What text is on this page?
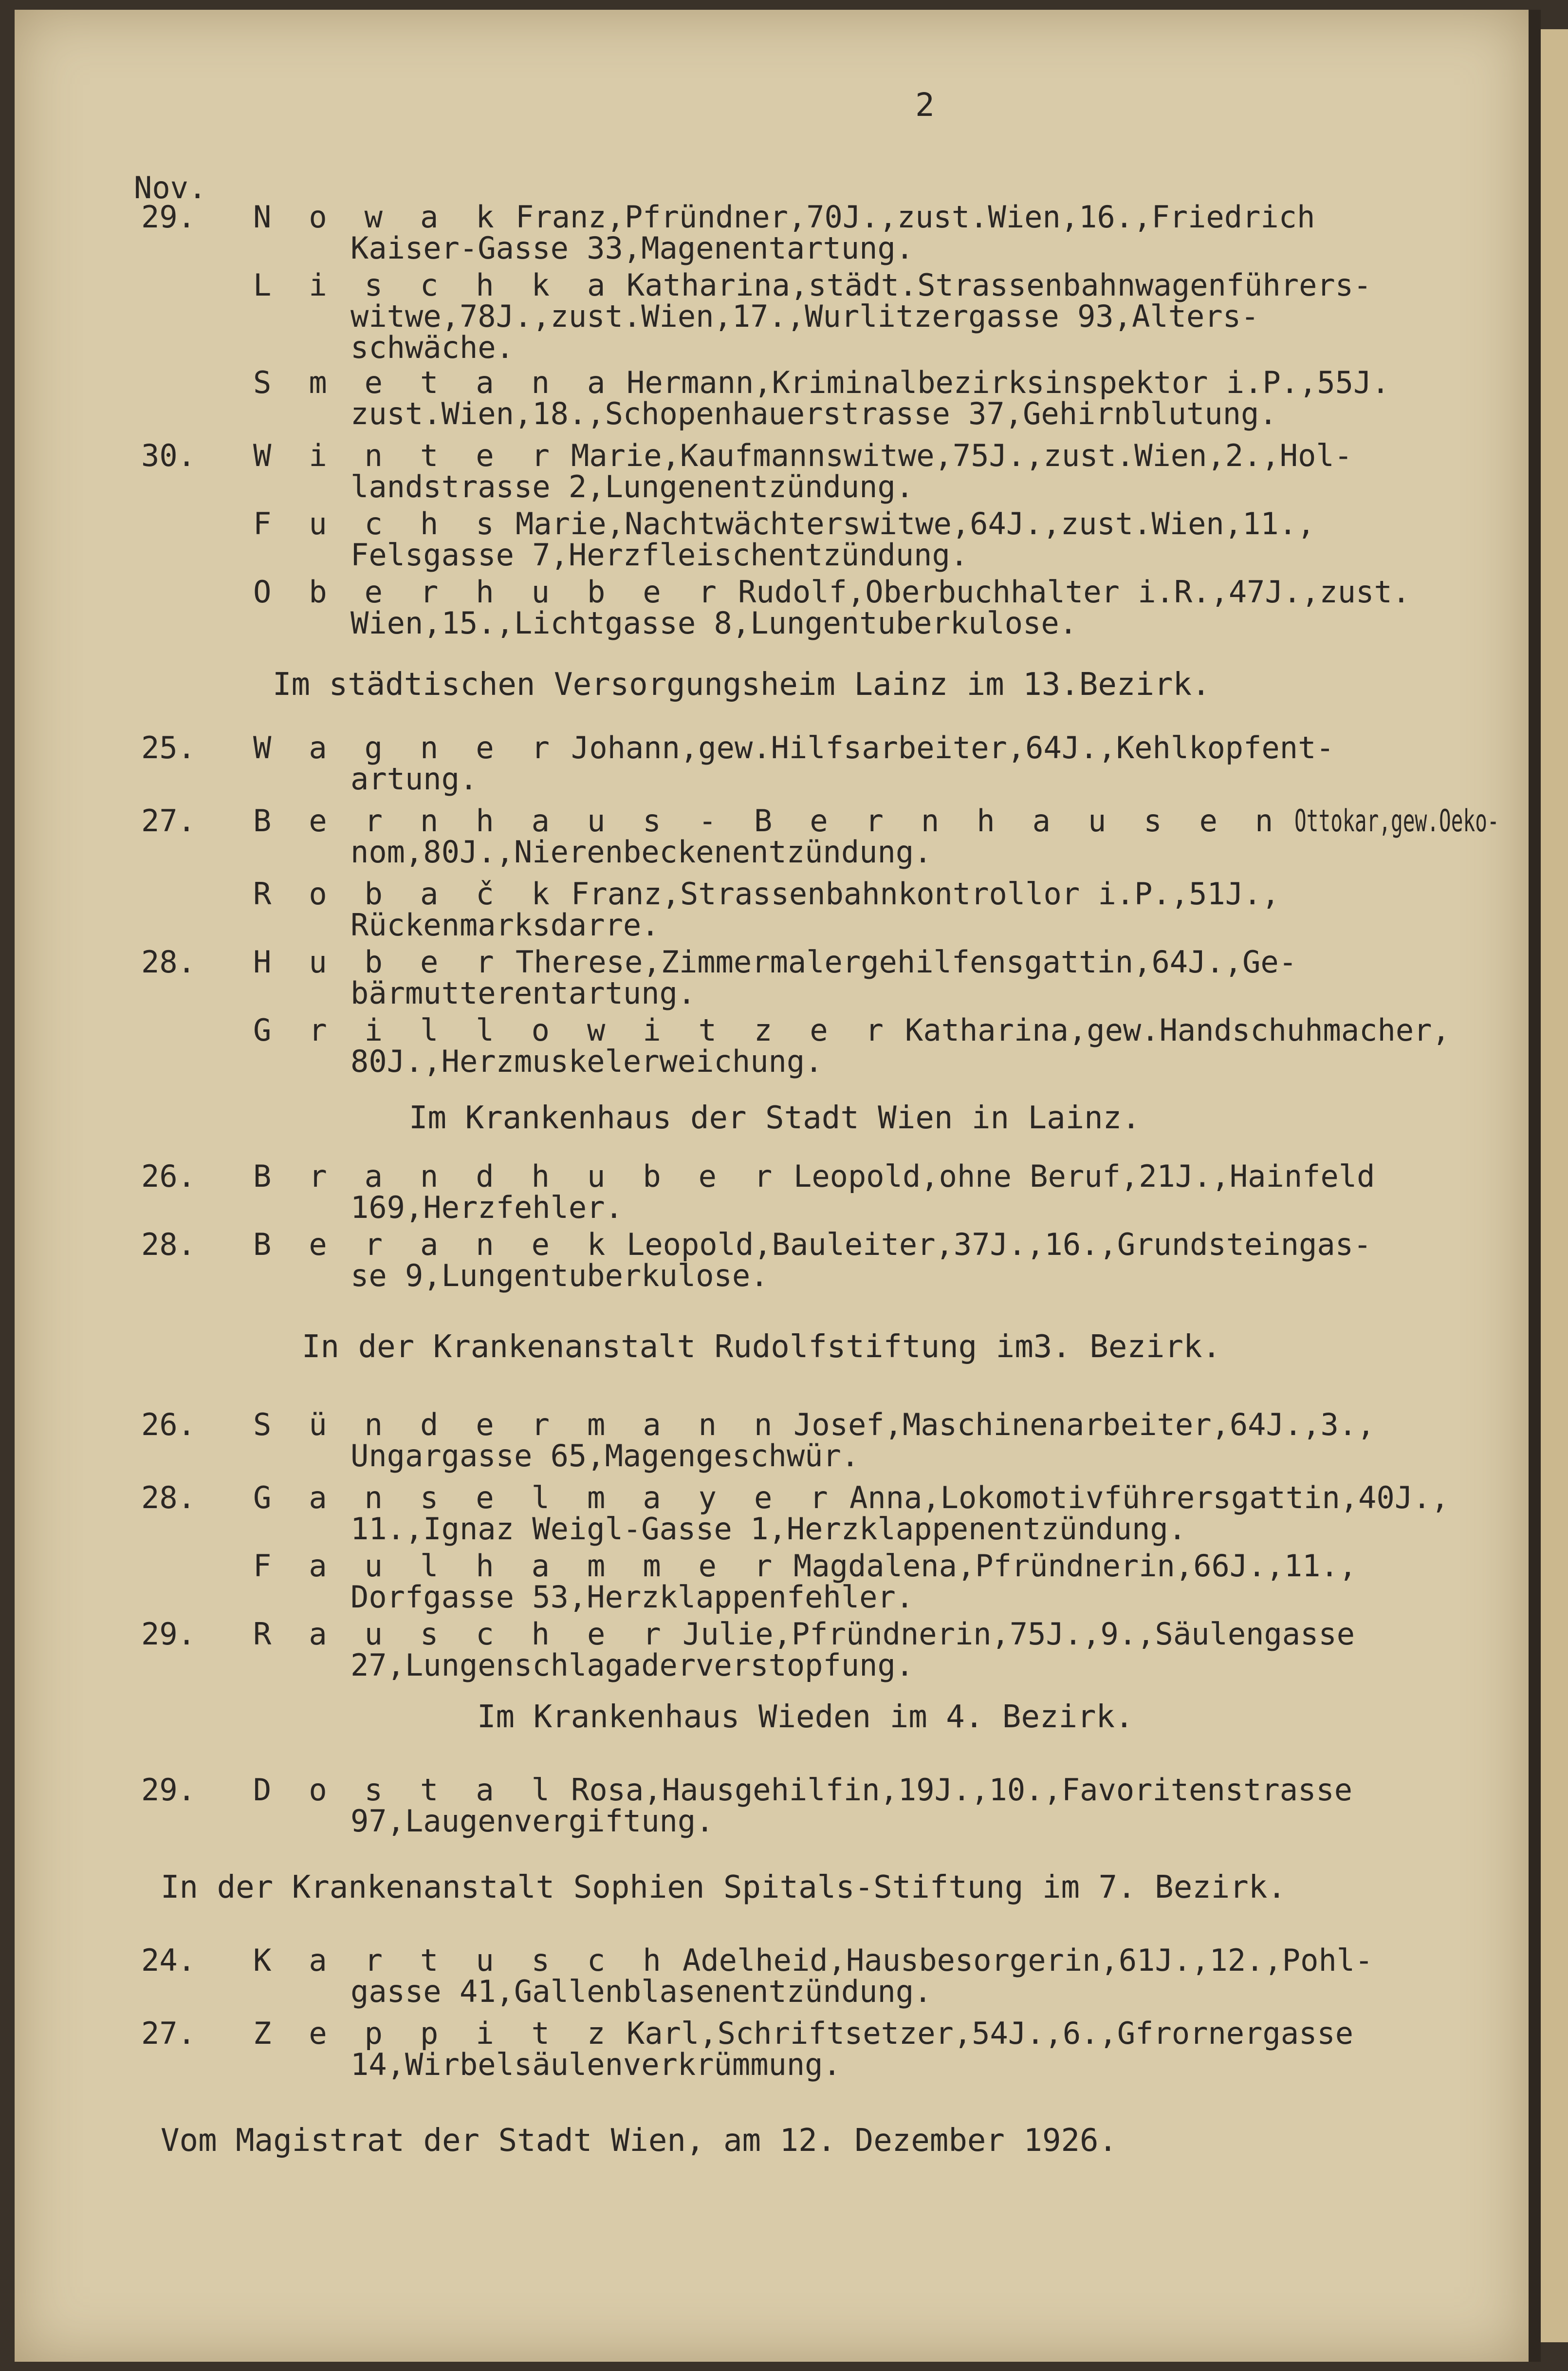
2
Nov.
29. N o w a k Franz,Pfründner,70J.,zust.Wien,16.,Friedrich
Kaiser-Gasse 33,Magenentartung.
L i s c h k a Katharina,städt.Strassenbahnwagenführers-
witwe,78J.,zust.Wien,17.,Wurlitzergasse 93,Alters-
schwäche.
S m e t a n a Hermann,Kriminalbezirksinspektor i.P.,55J.
zust.Wien,18.,Schopenhauerstrasse 37,Gehirnblutung.
30. W i n t e r Marie,Kaufmannswitwe,75J.,zust.Wien,2.,Hol-
landstrasse 2,Lungenentzündung.
F u c h s Marie,Nachtwächterswitwe,64J.,zust.Wien,11.,
Felsgasse 7,Herzfleischentzündung.
O b e r h u b e r Rudolf,Oberbuchhalter i.R.,47J.,zust.
Wien,15.,Lichtgasse 8,Lungentuberkulose.
Im städtischen Versorgungsheim Lainz im 13.Bezirk.
25. W a g n e r Johann,gew.Hilfsarbeiter,64J.,Kehlkopfent-
artung.
27. B e r n h a u s - B e r n h a u s e n Ottokar,gew.Oeko-
nom,80J.,Nierenbeckenentzündung.
R o b a č k Franz,Strassenbahnkontrollor i.P.,51J.,
Rückenmarksdarre.
28. H u b e r Therese,Zimmermalergehilfensgattin,64J.,Ge-
bärmutterentartung.
G r i l l o w i t z e r Katharina,gew.Handschuhmacher,
80J.,Herzmuskelerweichung.
Im Krankenhaus der Stadt Wien in Lainz.
26. B r a n d h u b e r Leopold,ohne Beruf,21J.,Hainfeld
169,Herzfehler.
28. B e r a n e k Leopold,Bauleiter,37J.,16.,Grundsteingas-
se 9,Lungentuberkulose.
In der Krankenanstalt Rudolfstiftung im3. Bezirk.
26. S ü n d e r m a n n Josef,Maschinenarbeiter,64J.,3.,
Ungargasse 65,Magengeschwür.
28. G a n s e l m a y e r Anna,Lokomotivführersgattin,40J.,
11.,Ignaz Weigl-Gasse 1,Herzklappenentzündung.
F a u l h a m m e r Magdalena,Pfründnerin,66J.,11.,
Dorfgasse 53,Herzklappenfehler.
29. R a u s c h e r Julie,Pfründnerin,75J.,9.,Säulengasse
27,Lungenschlagaderverstopfung.
Im Krankenhaus Wieden im 4. Bezirk.
29. D o s t a l Rosa,Hausgehilfin,19J.,10.,Favoritenstrasse
97,Laugenvergiftung.
In der Krankenanstalt Sophien Spitals-Stiftung im 7. Bezirk.
24. K a r t u s c h Adelheid,Hausbesorgerin,61J.,12.,Pohl-
gasse 41,Gallenblasenentzündung.
27. Z e p p i t z Karl,Schriftsetzer,54J.,6.,Gfrornergasse
14,Wirbelsäulenverkrümmung.
Vom Magistrat der Stadt Wien, am 12. Dezember 1926.
